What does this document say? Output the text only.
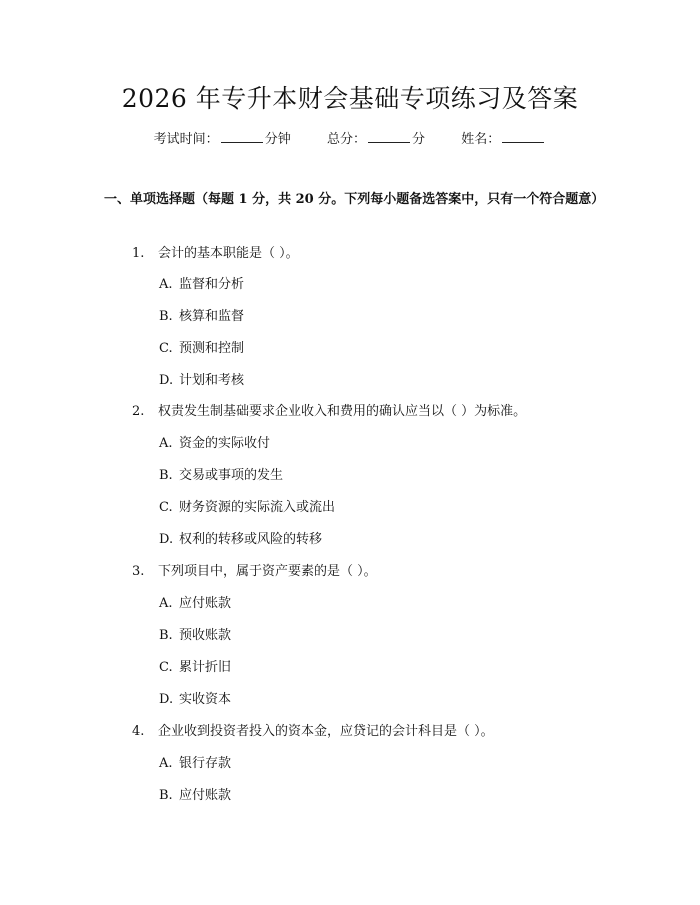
2026 年专升本财会基础专项练习及答案
考试时间：	分钟	总分：	分	姓名：
一、单项选择题（每题 1 分，共 20 分。下列每小题备选答案中，只有一个符合题意）
1. 会计的基本职能是（ ）。
A. 监督和分析
B. 核算和监督
C. 预测和控制
D. 计划和考核
2. 权责发生制基础要求企业收入和费用的确认应当以（ ）为标准。
A. 资金的实际收付
B. 交易或事项的发生
C. 财务资源的实际流入或流出
D. 权利的转移或风险的转移
3. 下列项目中，属于资产要素的是（ ）。
A. 应付账款
B. 预收账款
C. 累计折旧
D. 实收资本
4. 企业收到投资者投入的资本金，应贷记的会计科目是（ ）。
A. 银行存款
B. 应付账款
